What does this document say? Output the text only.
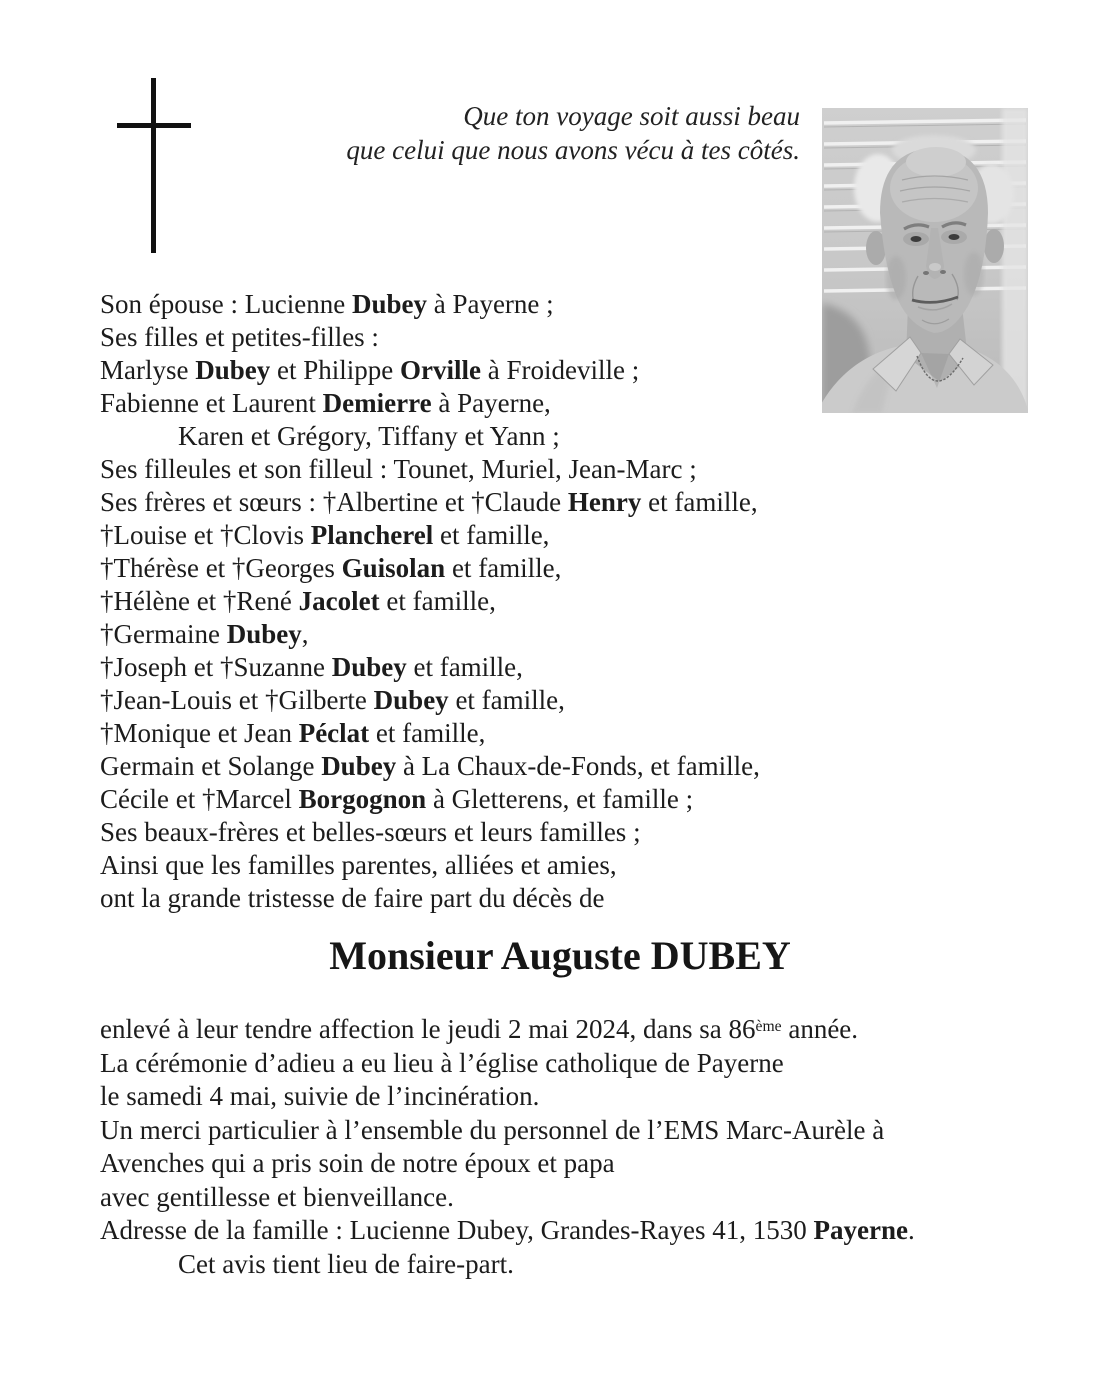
Que ton voyage soit aussi beau
que celui que nous avons vécu à tes côtés.
Son épouse : Lucienne Dubey à Payerne ;
Ses filles et petites-filles :
Marlyse Dubey et Philippe Orville à Froideville ;
Fabienne et Laurent Demierre à Payerne,
Karen et Grégory, Tiffany et Yann ;
Ses filleules et son filleul : Tounet, Muriel, Jean-Marc ;
Ses frères et sœurs : †Albertine et †Claude Henry et famille,
†Louise et †Clovis Plancherel et famille,
†Thérèse et †Georges Guisolan et famille,
†Hélène et †René Jacolet et famille,
†Germaine Dubey,
†Joseph et †Suzanne Dubey et famille,
†Jean-Louis et †Gilberte Dubey et famille,
†Monique et Jean Péclat et famille,
Germain et Solange Dubey à La Chaux-de-Fonds, et famille,
Cécile et †Marcel Borgognon à Gletterens, et famille ;
Ses beaux-frères et belles-sœurs et leurs familles ;
Ainsi que les familles parentes, alliées et amies,
ont la grande tristesse de faire part du décès de
Monsieur Auguste DUBEY
enlevé à leur tendre affection le jeudi 2 mai 2024, dans sa 86ème année.
La cérémonie d’adieu a eu lieu à l’église catholique de Payerne
le samedi 4 mai, suivie de l’incinération.
Un merci particulier à l’ensemble du personnel de l’EMS Marc-Aurèle à
Avenches qui a pris soin de notre époux et papa
avec gentillesse et bienveillance.
Adresse de la famille : Lucienne Dubey, Grandes-Rayes 41, 1530 Payerne.
Cet avis tient lieu de faire-part.
